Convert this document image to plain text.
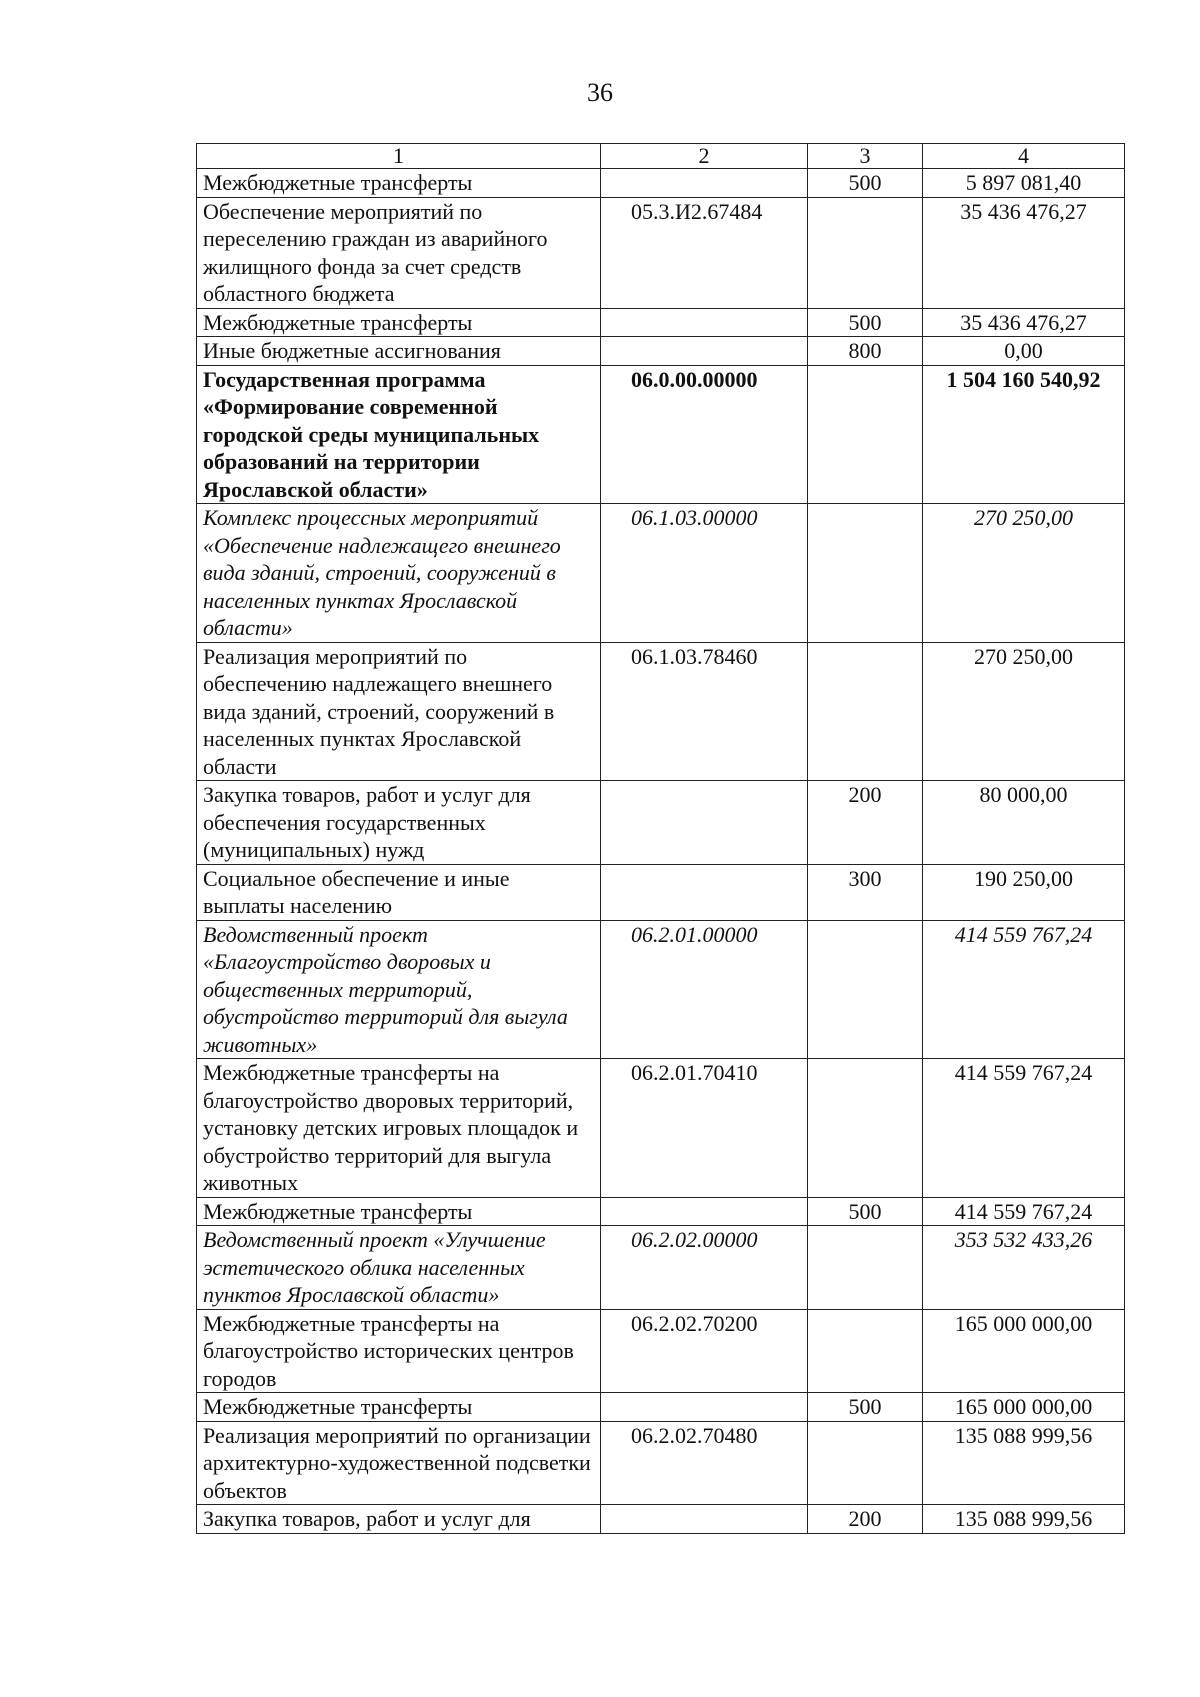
36
1	2	3	4
Межбюджетные трансферты		500	5 897 081,40
Обеспечение мероприятий по переселению граждан из аварийного жилищного фонда за счет средств областного бюджета	05.3.И2.67484		35 436 476,27
Межбюджетные трансферты		500	35 436 476,27
Иные бюджетные ассигнования		800	0,00
Государственная программа «Формирование современной городской среды муниципальных образований на территории Ярославской области»	06.0.00.00000		1 504 160 540,92
Комплекс процессных мероприятий «Обеспечение надлежащего внешнего вида зданий, строений, сооружений в населенных пунктах Ярославской области»	06.1.03.00000		270 250,00
Реализация мероприятий по обеспечению надлежащего внешнего вида зданий, строений, сооружений в населенных пунктах Ярославской области	06.1.03.78460		270 250,00
Закупка товаров, работ и услуг для обеспечения государственных (муниципальных) нужд		200	80 000,00
Социальное обеспечение и иные выплаты населению		300	190 250,00
Ведомственный проект «Благоустройство дворовых и общественных территорий, обустройство территорий для выгула животных»	06.2.01.00000		414 559 767,24
Межбюджетные трансферты на благоустройство дворовых территорий, установку детских игровых площадок и обустройство территорий для выгула животных	06.2.01.70410		414 559 767,24
Межбюджетные трансферты		500	414 559 767,24
Ведомственный проект «Улучшение эстетического облика населенных пунктов Ярославской области»	06.2.02.00000		353 532 433,26
Межбюджетные трансферты на благоустройство исторических центров городов	06.2.02.70200		165 000 000,00
Межбюджетные трансферты		500	165 000 000,00
Реализация мероприятий по организации архитектурно-художественной подсветки объектов	06.2.02.70480		135 088 999,56
Закупка товаров, работ и услуг для		200	135 088 999,56
